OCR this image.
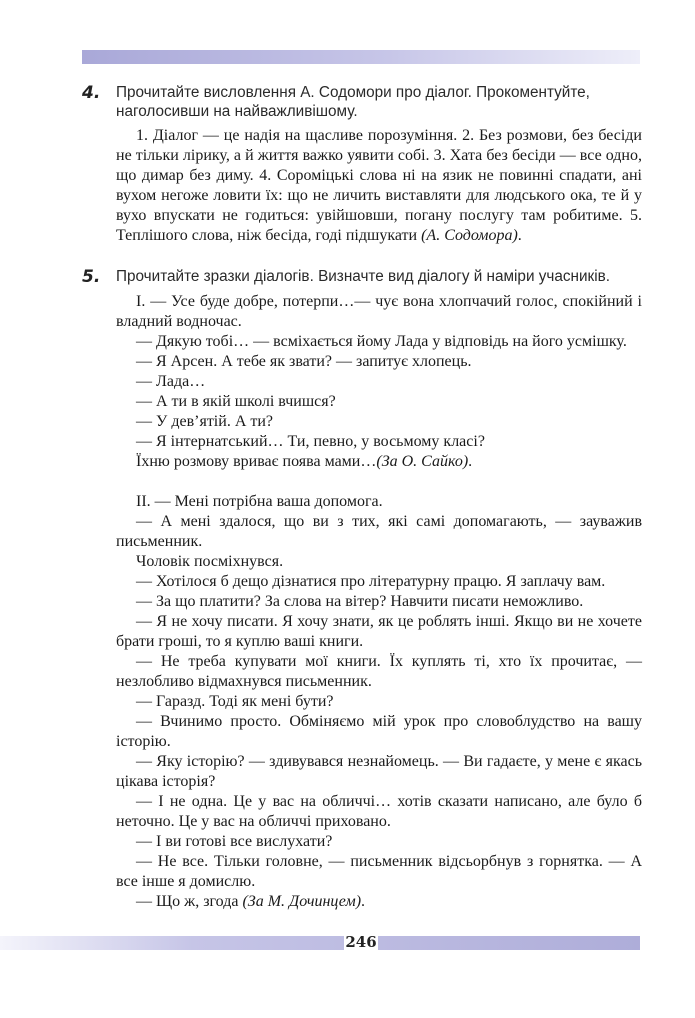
4. Прочитайте висловлення А. Содомори про діалог. Прокоментуйте, наголосивши на найважливішому.

1. Діалог — це надія на щасливе порозуміння. 2. Без розмови, без бесіди не тільки лірику, а й життя важко уявити собі. 3. Хата без бесіди — все одно, що димар без диму. 4. Сороміцькі слова ні на язик не повинні спадати, ані вухом негоже ловити їх: що не личить виставляти для людського ока, те й у вухо впускати не годиться: увійшовши, погану послугу там робитиме. 5. Теплішого слова, ніж бесіда, годі підшукати (А. Содомора).

5. Прочитайте зразки діалогів. Визначте вид діалогу й наміри учасників.

І. — Усе буде добре, потерпи…— чує вона хлопчачий голос, спокійний і владний водночас.

— Дякую тобі… — всміхається йому Лада у відповідь на його усмішку.

— Я Арсен. А тебе як звати? — запитує хлопець.

— Лада…

— А ти в якій школі вчишся?

— У дев’ятій. А ти?

— Я інтернатський… Ти, певно, у восьмому класі?

Їхню розмову вриває поява мами…(За О. Сайко).

ІІ. — Мені потрібна ваша допомога.

— А мені здалося, що ви з тих, які самі допомагають, — зауважив письменник.

Чоловік посміхнувся.

— Хотілося б дещо дізнатися про літературну працю. Я заплачу вам.

— За що платити? За слова на вітер? Навчити писати неможливо.

— Я не хочу писати. Я хочу знати, як це роблять інші. Якщо ви не хочете брати гроші, то я куплю ваші книги.

— Не треба купувати мої книги. Їх куплять ті, хто їх прочитає, — незлобливо відмахнувся письменник.

— Гаразд. Тоді як мені бути?

— Вчинимо просто. Обміняємо мій урок про словоблудство на вашу історію.

— Яку історію? — здивувався незнайомець. — Ви гадаєте, у мене є якась цікава історія?

— І не одна. Це у вас на обличчі… хотів сказати написано, але було б неточно. Це у вас на обличчі приховано.

— І ви готові все вислухати?

— Не все. Тільки головне, — письменник відсьорбнув з горнятка. — А все інше я домислю.

— Що ж, згода (За М. Дочинцем).

246
